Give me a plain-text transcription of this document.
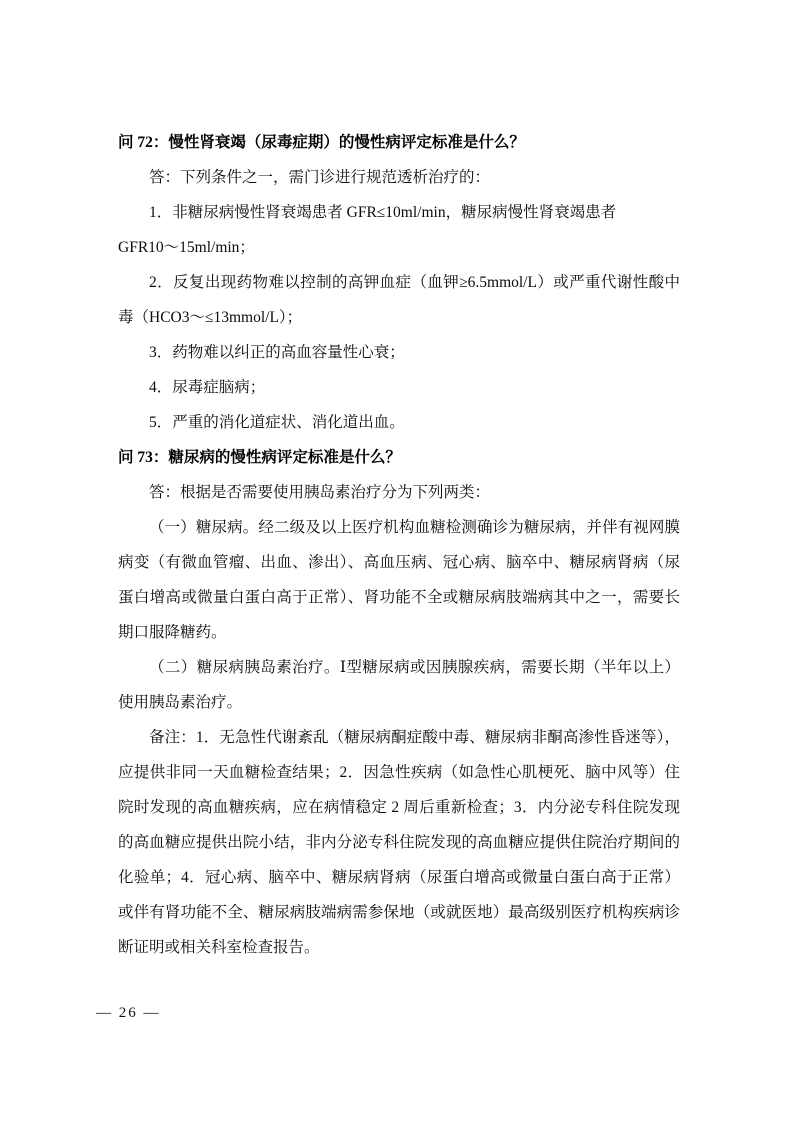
问 72：慢性肾衰竭（尿毒症期）的慢性病评定标准是什么？

答：下列条件之一，需门诊进行规范透析治疗的：

1．非糖尿病慢性肾衰竭患者 GFR≤10ml/min，糖尿病慢性肾衰竭患者

GFR10～15ml/min；

2．反复出现药物难以控制的高钾血症（血钾≥6.5mmol/L）或严重代谢性酸中毒（HCO3～≤13mmol/L）；

3．药物难以纠正的高血容量性心衰；

4．尿毒症脑病；

5．严重的消化道症状、消化道出血。

问 73：糖尿病的慢性病评定标准是什么？

答：根据是否需要使用胰岛素治疗分为下列两类：

（一）糖尿病。经二级及以上医疗机构血糖检测确诊为糖尿病，并伴有视网膜病变（有微血管瘤、出血、渗出）、高血压病、冠心病、脑卒中、糖尿病肾病（尿蛋白增高或微量白蛋白高于正常）、肾功能不全或糖尿病肢端病其中之一，需要长期口服降糖药。

（二）糖尿病胰岛素治疗。Ⅰ型糖尿病或因胰腺疾病，需要长期（半年以上）使用胰岛素治疗。

备注：1．无急性代谢紊乱（糖尿病酮症酸中毒、糖尿病非酮高渗性昏迷等），应提供非同一天血糖检查结果；2．因急性疾病（如急性心肌梗死、脑中风等）住院时发现的高血糖疾病，应在病情稳定 2 周后重新检查；3．内分泌专科住院发现的高血糖应提供出院小结，非内分泌专科住院发现的高血糖应提供住院治疗期间的化验单；4．冠心病、脑卒中、糖尿病肾病（尿蛋白增高或微量白蛋白高于正常）或伴有肾功能不全、糖尿病肢端病需参保地（或就医地）最高级别医疗机构疾病诊断证明或相关科室检查报告。

— 26 —
